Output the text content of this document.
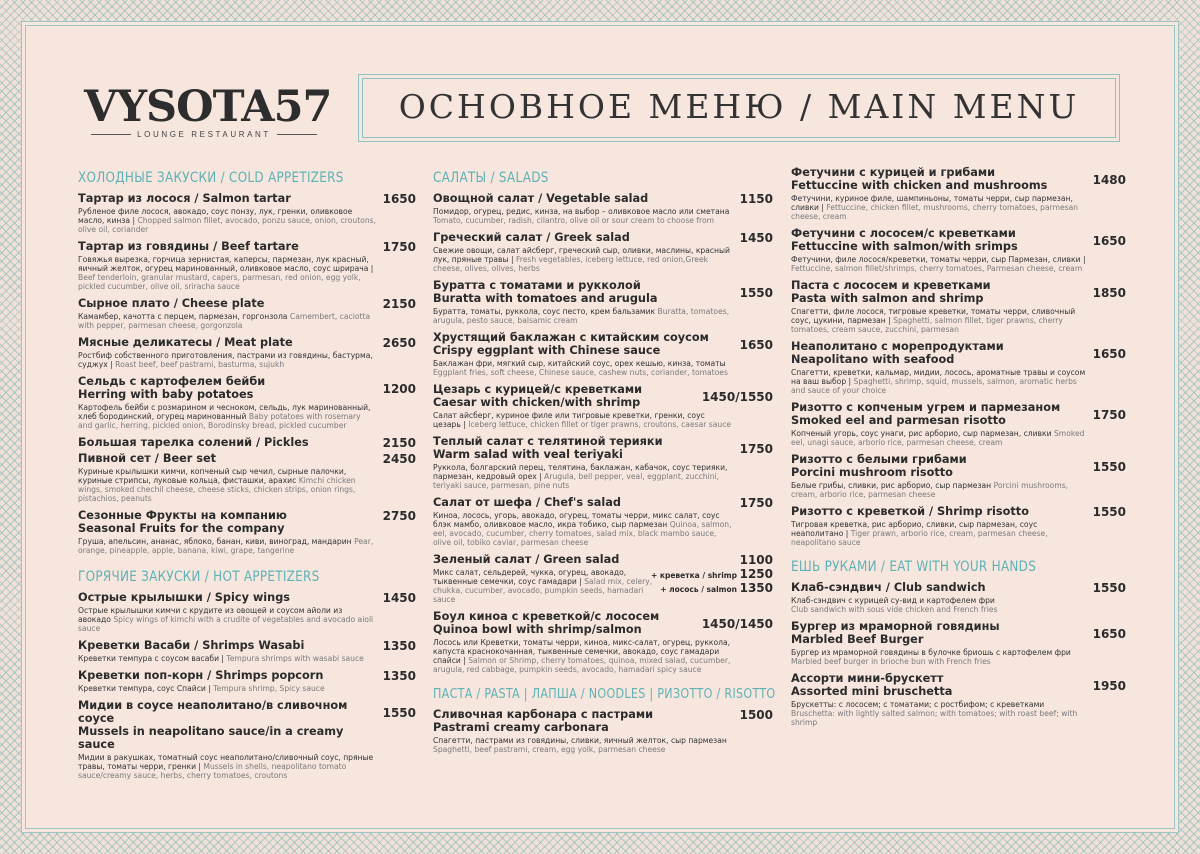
VYSOTA57
LOUNGE RESTAURANT
ОСНОВНОЕ МЕНЮ / MAIN MENU
ХОЛОДНЫЕ ЗАКУСКИ / COLD APPETIZERS
Тартар из лосося / Salmon tartar	1650
Рубленое филе лосося, авокадо, соус понзу, лук, гренки, оливковое масло, кинза | Chopped salmon fillet, avocado, ponzu sauce, onion, croutons, olive oil, coriander
Тартар из говядины / Beef tartare	1750
Говяжья вырезка, горчица зернистая, каперсы, пармезан, лук красный, яичный желток, огурец маринованный, оливковое масло, соус шрирача | Beef tenderloin, granular mustard, capers, parmesan, red onion, egg yolk, pickled cucumber, olive oil, sriracha sauce
Сырное плато / Cheese plate	2150
Камамбер, качотта с перцем, пармезан, горгонзола Camembert, caciotta with pepper, parmesan cheese, gorgonzola
Мясные деликатесы / Meat plate	2650
Ростбиф собственного приготовления, пастрами из говядины, бастурма, суджух | Roast beef, beef pastrami, basturma, sujukh
Сельдь с картофелем бейби
Herring with baby potatoes	1200
Картофель бейби с розмарином и чесноком, сельдь, лук маринованный, хлеб бородинский, огурец маринованный Baby potatoes with rosemary and garlic, herring, pickled onion, Borodinsky bread, pickled cucumber
Большая тарелка солений / Pickles	2150
Пивной сет / Beer set	2450
Куриные крылышки кимчи, копченый сыр чечил, сырные палочки, куриные стрипсы, луковые кольца, фисташки, арахис Kimchi chicken wings, smoked chechil cheese, cheese sticks, chicken strips, onion rings, pistachios, peanuts
Сезонные Фрукты на компанию
Seasonal Fruits for the company
2750
Груша, апельсин, ананас, яблоко, банан, киви, виноград, мандарин Pear, orange, pineapple, apple, banana, kiwi, grape, tangerine
ГОРЯЧИЕ ЗАКУСКИ / HOT APPETIZERS
Острые крылышки / Spicy wings	1450
Острые крылышки кимчи с крудите из овощей и соусом айоли из авокадо Spicy wings of kimchi with a crudite of vegetables and avocado aioli sauce
Креветки Васаби / Shrimps Wasabi	1350
Креветки темпура с соусом васаби | Tempura shrimps with wasabi sauce
Креветки поп-корн / Shrimps popcorn	1350
Креветки темпура, соус Спайси | Tempura shrimp, Spicy sauce
Мидии в соусе неаполитано/в сливочном соусе
Mussels in neapolitano sauce/in a creamy sauce
1550
Мидии в ракушках, томатный соус неаполитано/сливочный соус, пряные травы, томаты черри, гренки | Mussels in shells, neapolitano tomato sauce/creamy sauce, herbs, cherry tomatoes, croutons
САЛАТЫ / SALADS
Овощной салат / Vegetable salad	1150
Помидор, огурец, редис, кинза, на выбор – оливковое масло или сметана Tomato, cucumber, radish, cilantro, olive oil or sour cream to choose from
Греческий салат / Greek salad	1450
Свежие овощи, салат айсберг, греческий сыр, оливки, маслины, красный лук, пряные травы | Fresh vegetables, iceberg lettuce, red onion,Greek cheese, olives, olives, herbs
Буратта с томатами и рукколой
Buratta with tomatoes and arugula	1550
Буратта, томаты, руккола, соус песто, крем бальзамик Buratta, tomatoes, arugula, pesto sauce, balsamic cream
Хрустящий баклажан с китайским соусом
Crispy eggplant with Chinese sauce	1650
Баклажан фри, мягкий сыр, китайский соус, орех кешью, кинза, томаты Eggplant fries, soft cheese, Chinese sauce, cashew nuts, coriander, tomatoes
Цезарь с курицей/с креветками
Caesar with chicken/with shrimp	1450/1550
Салат айсберг, куриное филе или тигровые креветки, гренки, соус цезарь | Iceberg lettuce, chicken fillet or tiger prawns, croutons, caesar sauce
Теплый салат с телятиной терияки
Warm salad with veal teriyaki	1750
Руккола, болгарский перец, телятина, баклажан, кабачок, соус терияки, пармезан, кедровый орех | Arugula, bell pepper, veal, eggplant, zucchini, teriyaki sauce, parmesan, pine nuts
Салат от шефа / Chef's salad	1750
Киноа, лосось, угорь, авокадо, огурец, томаты черри, микс салат, соус блэк мамбо, оливковое масло, икра тобико, сыр пармезан Quinoa, salmon, eel, avocado, cucumber, cherry tomatoes, salad mix, black mambo sauce, olive oil, tobiko caviar, parmesan cheese
Зеленый салат / Green salad	1100
+ креветка / shrimp 1250
+ лосось / salmon 1350
Микс салат, сельдерей, чукка, огурец, авокадо, тыквенные семечки, соус гамадари | Salad mix, celery, chukka, cucumber, avocado, pumpkin seeds, hamadari sauce
Боул киноа с креветкой/с лососем
Quinoa bowl with shrimp/salmon	1450/1450
Лосось или Креветки, томаты черри, киноа, микс-салат, огурец, руккола, капуста краснокочанная, тыквенные семечки, авокадо, соус гамадари спайси | Salmon or Shrimp, cherry tomatoes, quinoa, mixed salad, cucumber, arugula, red cabbage, pumpkin seeds, avocado, hamadari spicy sauce
ПАСТА / PASTA | ЛАПША / NOODLES | РИЗОТТО / RISOTTO
Сливочная карбонара с пастрами
Pastrami creamy carbonara
1500
Спагетти, пастрами из говядины, сливки, яичный желток, сыр пармезан Spaghetti, beef pastrami, cream, egg yolk, parmesan cheese
Фетучини с курицей и грибами
Fettuccine with chicken and mushrooms	1480
Фетучини, куриное филе, шампиньоны, томаты черри, сыр пармезан, сливки | Fettuccine, chicken fillet, mushrooms, cherry tomatoes, parmesan cheese, cream
Фетучини с лососем/с креветками
Fettuccine with salmon/with srimps	1650
Фетучини, филе лосося/креветки, томаты черри, сыр Пармезан, сливки | Fettuccine, salmon fillet/shrimps, cherry tomatoes, Parmesan cheese, cream
Паста с лососем и креветками
Pasta with salmon and shrimp	1850
Спагетти, филе лосося, тигровые креветки, томаты черри, сливочный соус, цукини, пармезан | Spaghetti, salmon fillet, tiger prawns, cherry tomatoes, cream sauce, zucchini, parmesan
Неаполитано с морепродуктами
Neapolitano with seafood	1650
Спагетти, креветки, кальмар, мидии, лосось, ароматные травы и соусом на ваш выбор | Spaghetti, shrimp, squid, mussels, salmon, aromatic herbs and sauce of your choice
Ризотто с копченым угрем и пармезаном
Smoked eel and parmesan risotto	1750
Копченый угорь, соус унаги, рис арборио, сыр пармезан, сливки Smoked eel, unagi sauce, arborio rice, parmesan cheese, cream
Ризотто с белыми грибами
Porcini mushroom risotto	1550
Белые грибы, сливки, рис арборио, сыр пармезан Porcini mushrooms, cream, arborio rice, parmesan cheese
Ризотто с креветкой / Shrimp risotto	1550
Тигровая креветка, рис арборио, сливки, сыр пармезан, соус неаполитано | Tiger prawn, arborio rice, cream, parmesan cheese, neapolitano sauce
ЕШЬ РУКАМИ / EAT WITH YOUR HANDS
Клаб-сэндвич / Club sandwich	1550
Клаб-сэндвич с курицей су-вид и картофелем фри
Club sandwich with sous vide chicken and French fries
Бургер из мраморной говядины
Marbled Beef Burger	1650
Бургер из мраморной говядины в булочке бриошь с картофелем фри
Marbled beef burger in brioche bun with French fries
Ассорти мини-брускетт
Assorted mini bruschetta	1950
Брускетты: с лососем; с томатами; с ростбифом; с креветками
Bruschetta: with lightly salted salmon; with tomatoes; with roast beef; with shrimp
